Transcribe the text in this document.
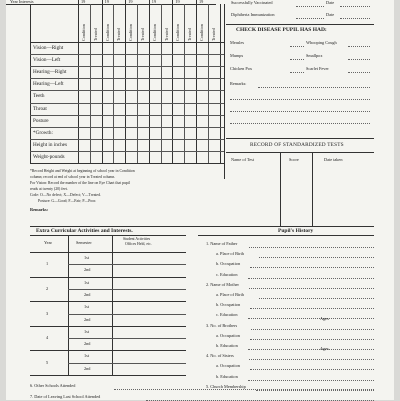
Year Interests	19	19	19	19	19	19	Successfully Vaccinated	Date
Diphtheria Immunization	Date
Condition Treated Condition Treated Condition Treated Condition Treated Condition Treated Condition Treated
Vision—Right
Vision—Left
Hearing—Right
Hearing—Left
Teeth
Throat
Posture
*Growth:
Height in inches
Weight-pounds
CHECK DISEASE PUPIL HAS HAD:
Measles	Whooping Cough
Mumps	Smallpox
Chicken Pox	Scarlet Fever
Remarks:
*Record Height and Weight at beginning of school year in Condition
column; record at end of school year in Treated column.
For Vision: Record the number of the line on Eye Chart that pupil
reads at twenty (20) feet.
Code: O—No defect; X—Defect; V—Treated.
Posture: G—Good; F—Fair; P—Poor.
Remarks:
RECORD OF STANDARDIZED TESTS
Name of Test	Score	Date taken
Extra Curricular Activities and Interests.
Year	Semester
Student Activities
Offices Held, etc.
1
1st
2nd
2
1st
2nd
3
1st
2nd
4
1st
2nd
5
1st
2nd
Pupil's History
1. Name of Father
a. Place of Birth
b. Occupation
c. Education
2. Name of Mother
a. Place of Birth
b. Occupation
c. Education
3. No. of Brothers
a. Occupation
b. Education
4. No. of Sisters
a. Occupation
b. Education
5. Church Membership
Ages
Ages
6. Other Schools Attended
7. Date of Leaving Last School Attended
